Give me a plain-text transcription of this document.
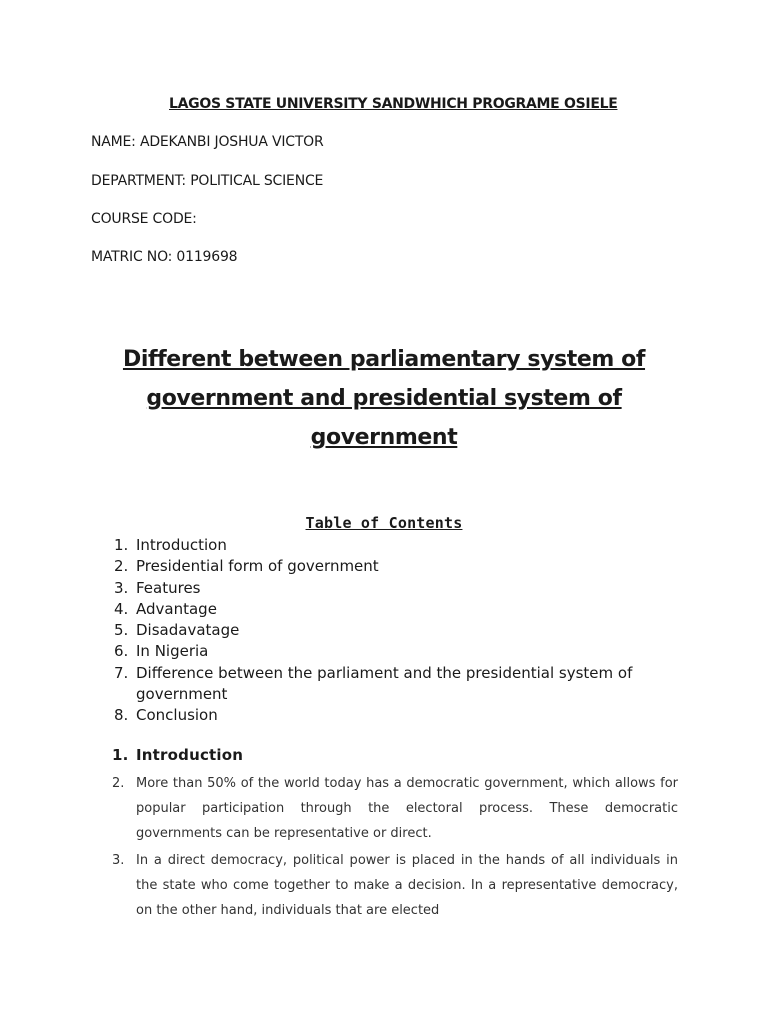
LAGOS STATE UNIVERSITY SANDWHICH PROGRAME OSIELE
NAME: ADEKANBI JOSHUA VICTOR
DEPARTMENT: POLITICAL SCIENCE
COURSE CODE:
MATRIC NO: 0119698
Different between parliamentary system of government and presidential system of government
Table of Contents
1. Introduction
2. Presidential form of government
3. Features
4. Advantage
5. Disadavatage
6. In Nigeria
7. Difference between the parliament and the presidential system of government
8. Conclusion
1. Introduction
2. More than 50% of the world today has a democratic government, which allows for popular participation through the electoral process. These democratic governments can be representative or direct.
3. In a direct democracy, political power is placed in the hands of all individuals in the state who come together to make a decision. In a representative democracy, on the other hand, individuals that are elected
